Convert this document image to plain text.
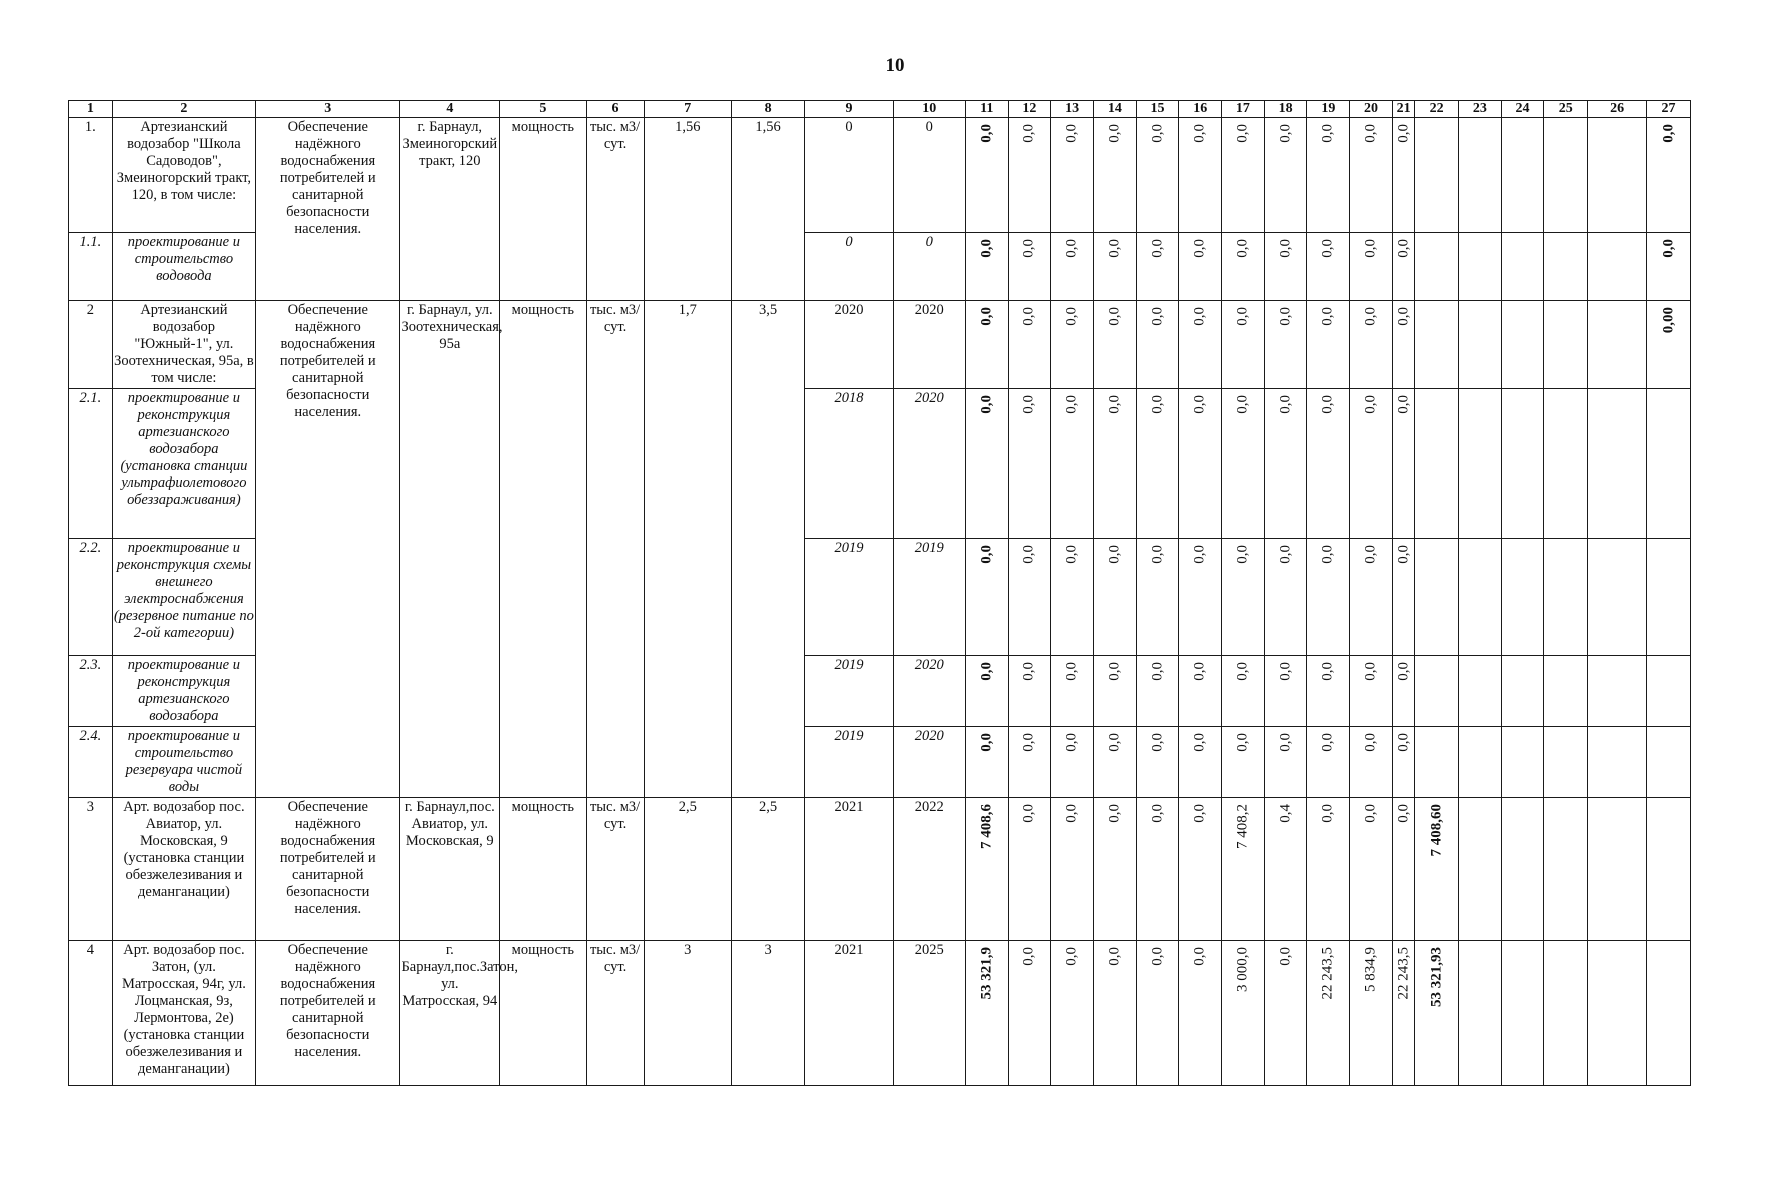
10
1	2	3	4	5	6	7	8	9	10	11	12	13	14	15	16	17	18	19	20	21	22	23	24	25	26	27
1.	Артезианский водозабор "Школа Садоводов", Змеиногорский тракт, 120, в том числе:	Обеспечение надёжного водоснабжения потребителей и санитарной безопасности населения.	г. Барнаул, Змеиногорский тракт, 120	мощность	тыс. м3/сут.	1,56	1,56	0	0	0,0	0,0	0,0	0,0	0,0	0,0	0,0	0,0	0,0	0,0	0,0						0,0

1.1.	проектирование и строительство водовода							0	0	0,0	0,0	0,0	0,0	0,0	0,0	0,0	0,0	0,0	0,0	0,0						0,0

2	Артезианский водозабор "Южный-1", ул. Зоотехническая, 95а, в том числе:	Обеспечение надёжного водоснабжения потребителей и санитарной безопасности населения.	г. Барнаул, ул. Зоотехническая, 95а	мощность	тыс. м3/сут.	1,7	3,5	2020	2020	0,0	0,0	0,0	0,0	0,0	0,0	0,0	0,0	0,0	0,0	0,0						0,00

2.1.	проектирование и реконструкция артезианского водозабора (установка станции ультрафиолетового обеззараживания)							2018	2020	0,0	0,0	0,0	0,0	0,0	0,0	0,0	0,0	0,0	0,0	0,0						

2.2.	проектирование и реконструкция схемы внешнего электроснабжения (резервное питание по 2-ой категории)							2019	2019	0,0	0,0	0,0	0,0	0,0	0,0	0,0	0,0	0,0	0,0	0,0						

2.3.	проектирование и реконструкция артезианского водозабора							2019	2020	0,0	0,0	0,0	0,0	0,0	0,0	0,0	0,0	0,0	0,0	0,0						

2.4.	проектирование и строительство резервуара чистой воды							2019	2020	0,0	0,0	0,0	0,0	0,0	0,0	0,0	0,0	0,0	0,0	0,0						

3	Арт. водозабор пос. Авиатор, ул. Московская, 9 (установка станции обезжелезивания и деманганации)	Обеспечение надёжного водоснабжения потребителей и санитарной безопасности населения.	г. Барнаул,пос. Авиатор, ул. Московская, 9	мощность	тыс. м3/сут.	2,5	2,5	2021	2022	7 408,6	0,0	0,0	0,0	0,0	0,0	7 408,2	0,4	0,0	0,0	0,0	7 408,60					

4	Арт. водозабор пос. Затон, (ул. Матросская, 94г, ул. Лоцманская, 9з, Лермонтова, 2е) (установка станции обезжелезивания и деманганации)	Обеспечение надёжного водоснабжения потребителей и санитарной безопасности населения.	г. Барнаул,пос.Затон, ул. Матросская, 94	мощность	тыс. м3/сут.	3	3	2021	2025	53 321,9	0,0	0,0	0,0	0,0	0,0	3 000,0	0,0	22 243,5	5 834,9	22 243,5	53 321,93					
